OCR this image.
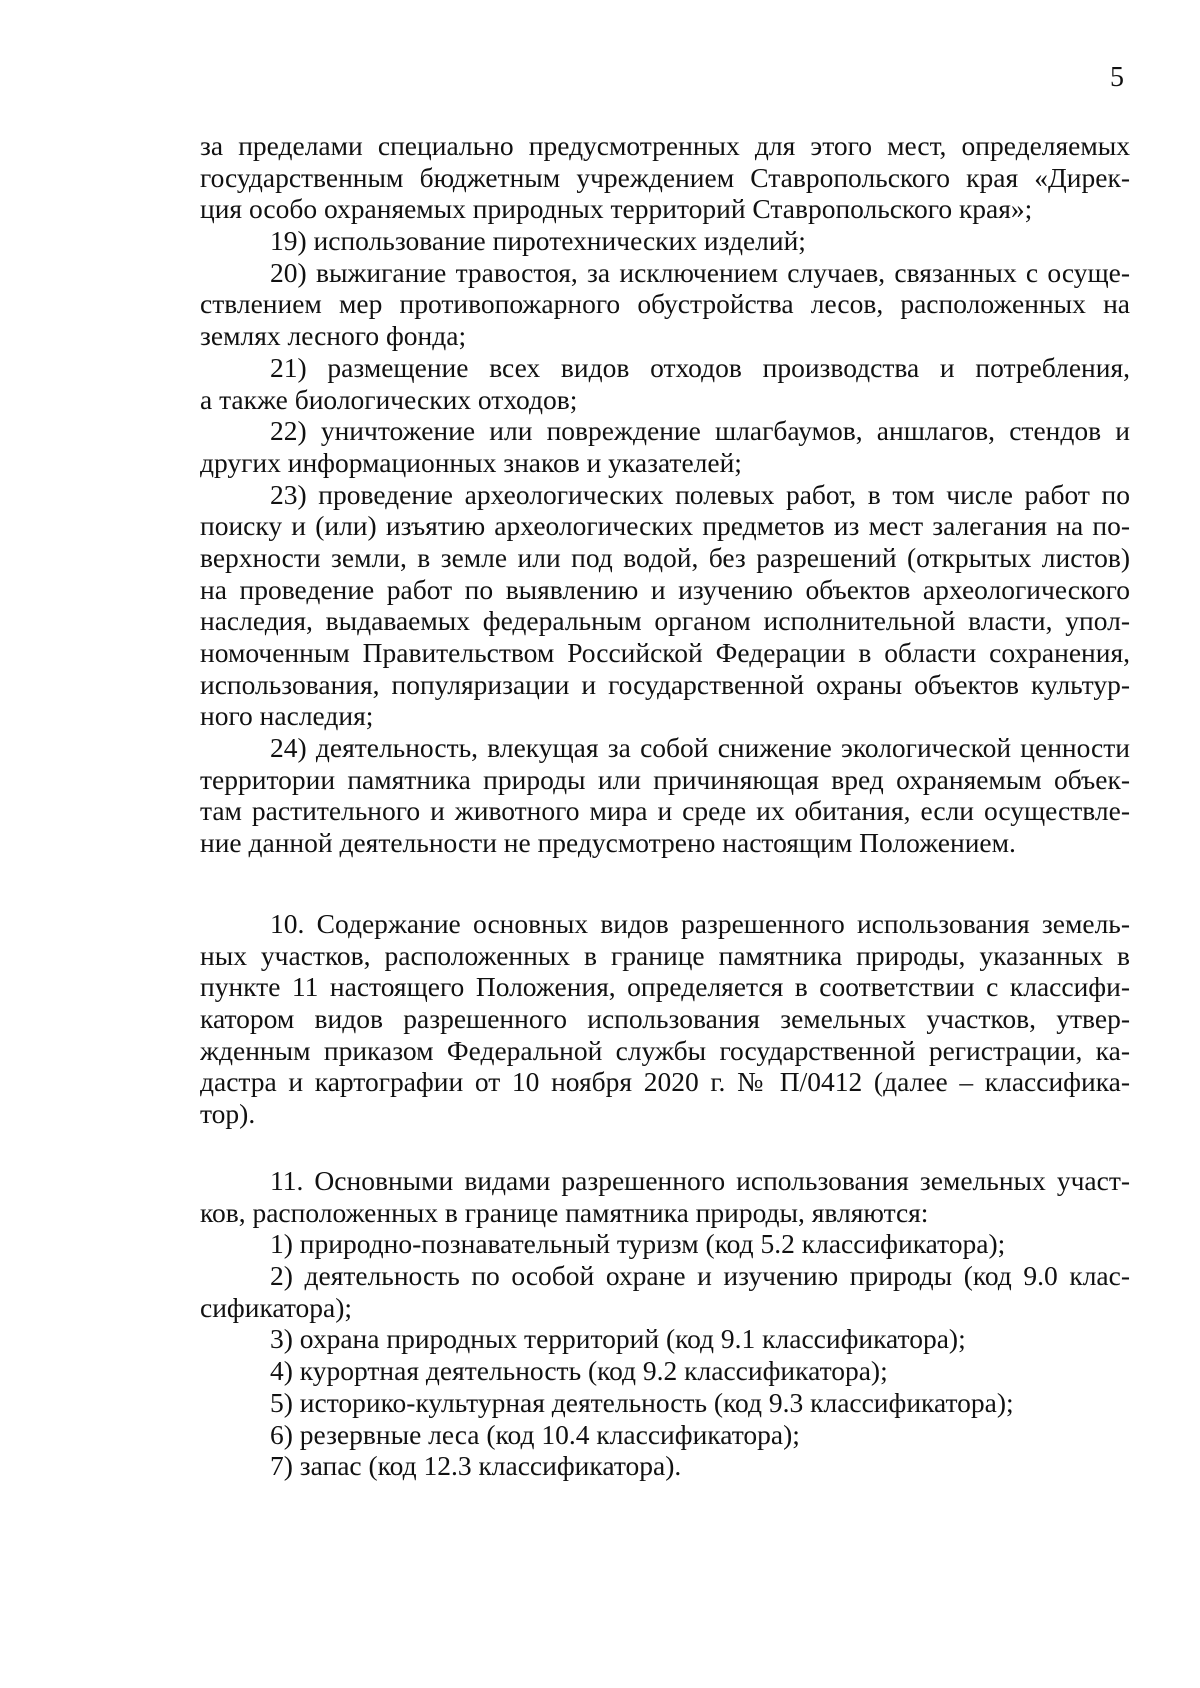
5
за пределами специально предусмотренных для этого мест, определяемых
государственным бюджетным учреждением Ставропольского края «Дирек-
ция особо охраняемых природных территорий Ставропольского края»;
19) использование пиротехнических изделий;
20) выжигание травостоя, за исключением случаев, связанных с осуще-
ствлением мер противопожарного обустройства лесов, расположенных на
землях лесного фонда;
21) размещение всех видов отходов производства и потребления,
а также биологических отходов;
22) уничтожение или повреждение шлагбаумов, аншлагов, стендов и
других информационных знаков и указателей;
23) проведение археологических полевых работ, в том числе работ по
поиску и (или) изъятию археологических предметов из мест залегания на по-
верхности земли, в земле или под водой, без разрешений (открытых листов)
на проведение работ по выявлению и изучению объектов археологического
наследия, выдаваемых федеральным органом исполнительной власти, упол-
номоченным Правительством Российской Федерации в области сохранения,
использования, популяризации и государственной охраны объектов культур-
ного наследия;
24) деятельность, влекущая за собой снижение экологической ценности
территории памятника природы или причиняющая вред охраняемым объек-
там растительного и животного мира и среде их обитания, если осуществле-
ние данной деятельности не предусмотрено настоящим Положением.
10. Содержание основных видов разрешенного использования земель-
ных участков, расположенных в границе памятника природы, указанных в
пункте 11 настоящего Положения, определяется в соответствии с классифи-
катором видов разрешенного использования земельных участков, утвер-
жденным приказом Федеральной службы государственной регистрации, ка-
дастра и картографии от 10 ноября 2020 г. № П/0412 (далее – классифика-
тор).
11. Основными видами разрешенного использования земельных участ-
ков, расположенных в границе памятника природы, являются:
1) природно-познавательный туризм (код 5.2 классификатора);
2) деятельность по особой охране и изучению природы (код 9.0 клас-
сификатора);
3) охрана природных территорий (код 9.1 классификатора);
4) курортная деятельность (код 9.2 классификатора);
5) историко-культурная деятельность (код 9.3 классификатора);
6) резервные леса (код 10.4 классификатора);
7) запас (код 12.3 классификатора).
